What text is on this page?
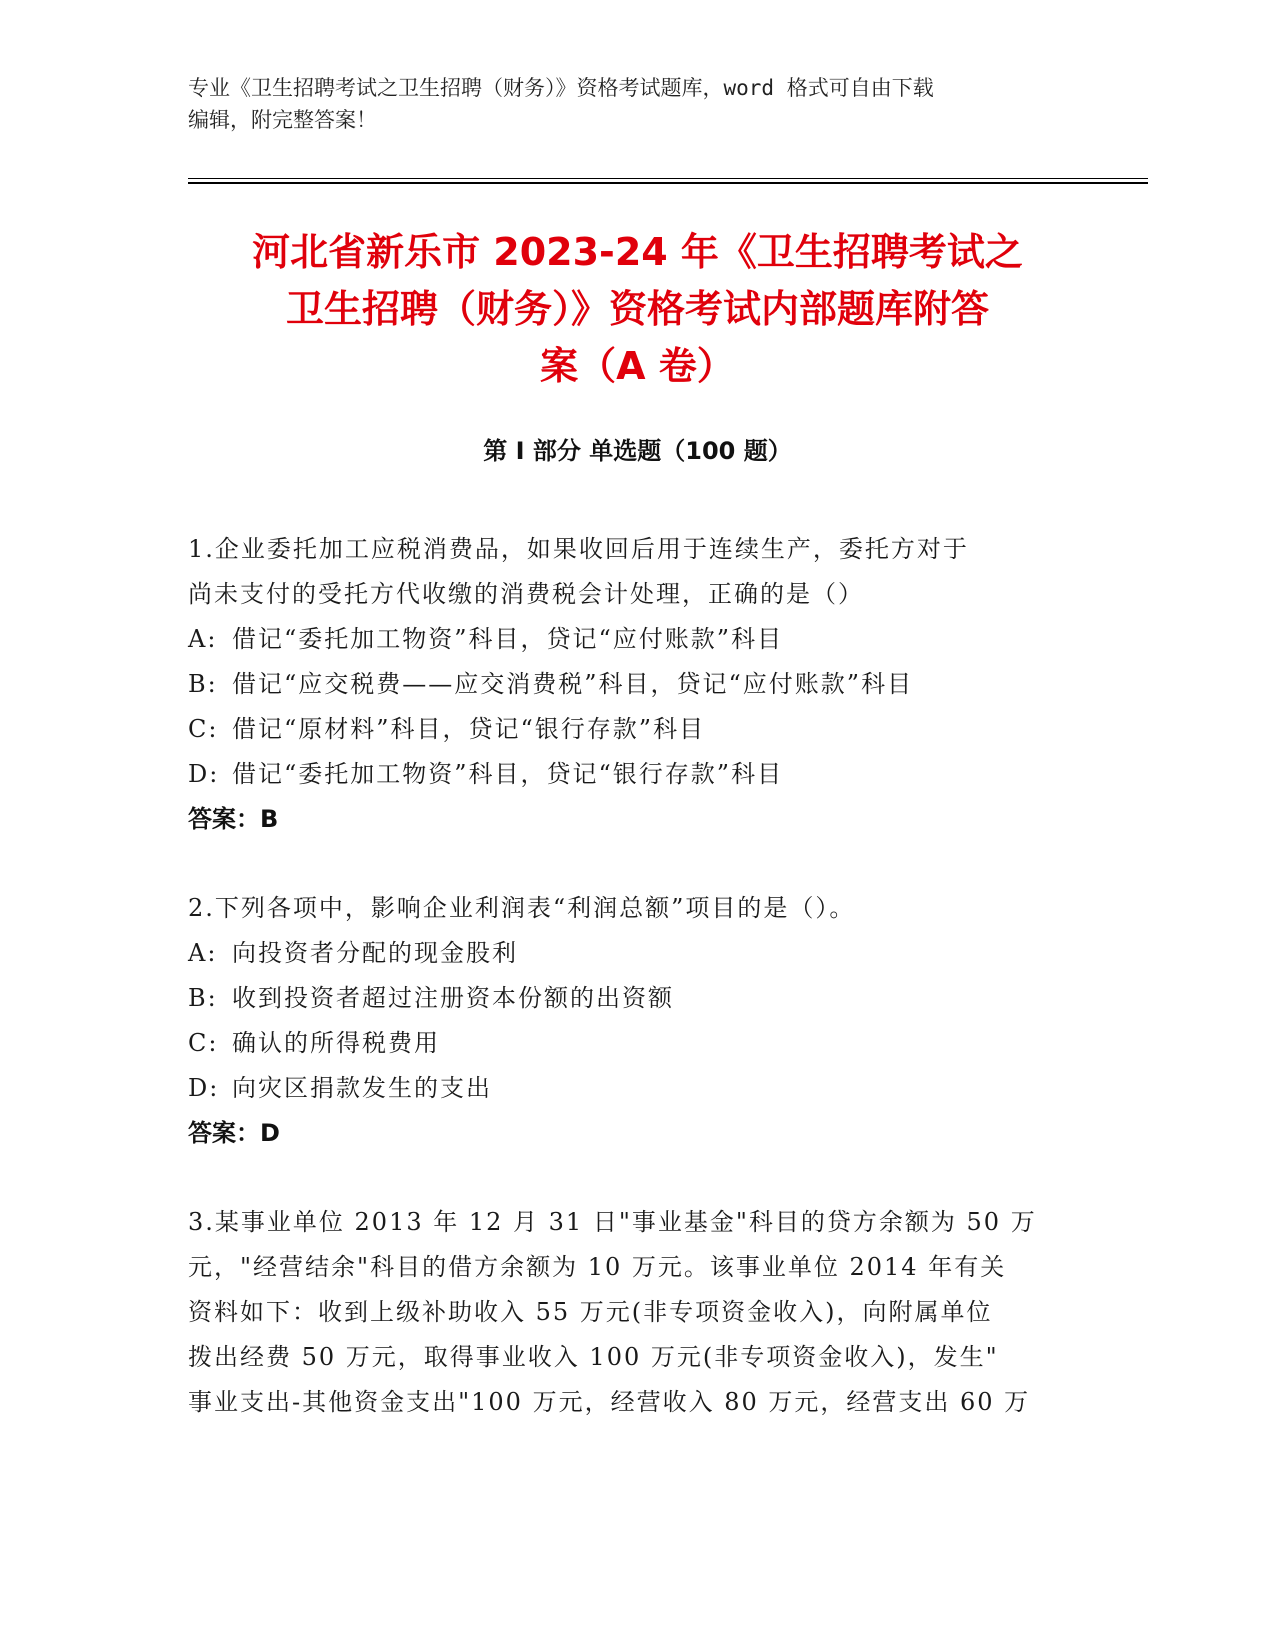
专业《卫生招聘考试之卫生招聘（财务）》资格考试题库，word 格式可自由下载
编辑，附完整答案！
河北省新乐市 2023-24 年《卫生招聘考试之
卫生招聘（财务）》资格考试内部题库附答
案（A 卷）
第 I 部分 单选题（100 题）

1.企业委托加工应税消费品，如果收回后用于连续生产，委托方对于

尚未支付的受托方代收缴的消费税会计处理，正确的是（）

A: 借记“委托加工物资”科目，贷记“应付账款”科目

B: 借记“应交税费——应交消费税”科目，贷记“应付账款”科目

C: 借记“原材料”科目，贷记“银行存款”科目

D: 借记“委托加工物资”科目，贷记“银行存款”科目

答案：B

2.下列各项中，影响企业利润表“利润总额”项目的是（）。

A: 向投资者分配的现金股利

B: 收到投资者超过注册资本份额的出资额

C: 确认的所得税费用

D: 向灾区捐款发生的支出

答案：D

3.某事业单位 2013 年 12 月 31 日"事业基金"科目的贷方余额为 50 万

元，"经营结余"科目的借方余额为 10 万元。该事业单位 2014 年有关

资料如下：收到上级补助收入 55 万元(非专项资金收入)，向附属单位

拨出经费 50 万元，取得事业收入 100 万元(非专项资金收入)，发生"

事业支出-其他资金支出"100 万元，经营收入 80 万元，经营支出 60 万
